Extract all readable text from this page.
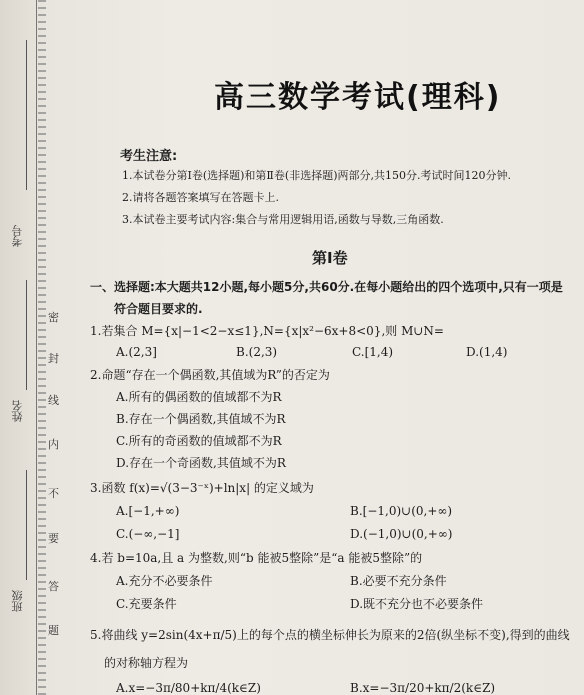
考号
姓名
班级
密
封
线
内
不
要
答
题
高三数学考试(理科)
考生注意:
1.本试卷分第Ⅰ卷(选择题)和第Ⅱ卷(非选择题)两部分,共150分.考试时间120分钟.
2.请将各题答案填写在答题卡上.
3.本试卷主要考试内容:集合与常用逻辑用语,函数与导数,三角函数.
第Ⅰ卷
一、选择题:本大题共12小题,每小题5分,共60分.在每小题给出的四个选项中,只有一项是
符合题目要求的.
1.若集合 M={x|−1<2−x≤1},N={x|x²−6x+8<0},则 M∪N=
A.(2,3]	B.(2,3)	C.[1,4)	D.(1,4)
2.命题“存在一个偶函数,其值域为R”的否定为
A.所有的偶函数的值域都不为R
B.存在一个偶函数,其值域不为R
C.所有的奇函数的值域都不为R
D.存在一个奇函数,其值域不为R
3.函数 f(x)=√(3−3⁻ˣ)+ln|x| 的定义域为
A.[−1,+∞)	B.[−1,0)∪(0,+∞)
C.(−∞,−1]	D.(−1,0)∪(0,+∞)
4.若 b=10a,且 a 为整数,则“b 能被5整除”是“a 能被5整除”的
A.充分不必要条件	B.必要不充分条件
C.充要条件	D.既不充分也不必要条件
5.将曲线 y=2sin(4x+π/5)上的每个点的横坐标伸长为原来的2倍(纵坐标不变),得到的曲线
的对称轴方程为
A.x=−3π/80+kπ/4(k∈Z)	B.x=−3π/20+kπ/2(k∈Z)
